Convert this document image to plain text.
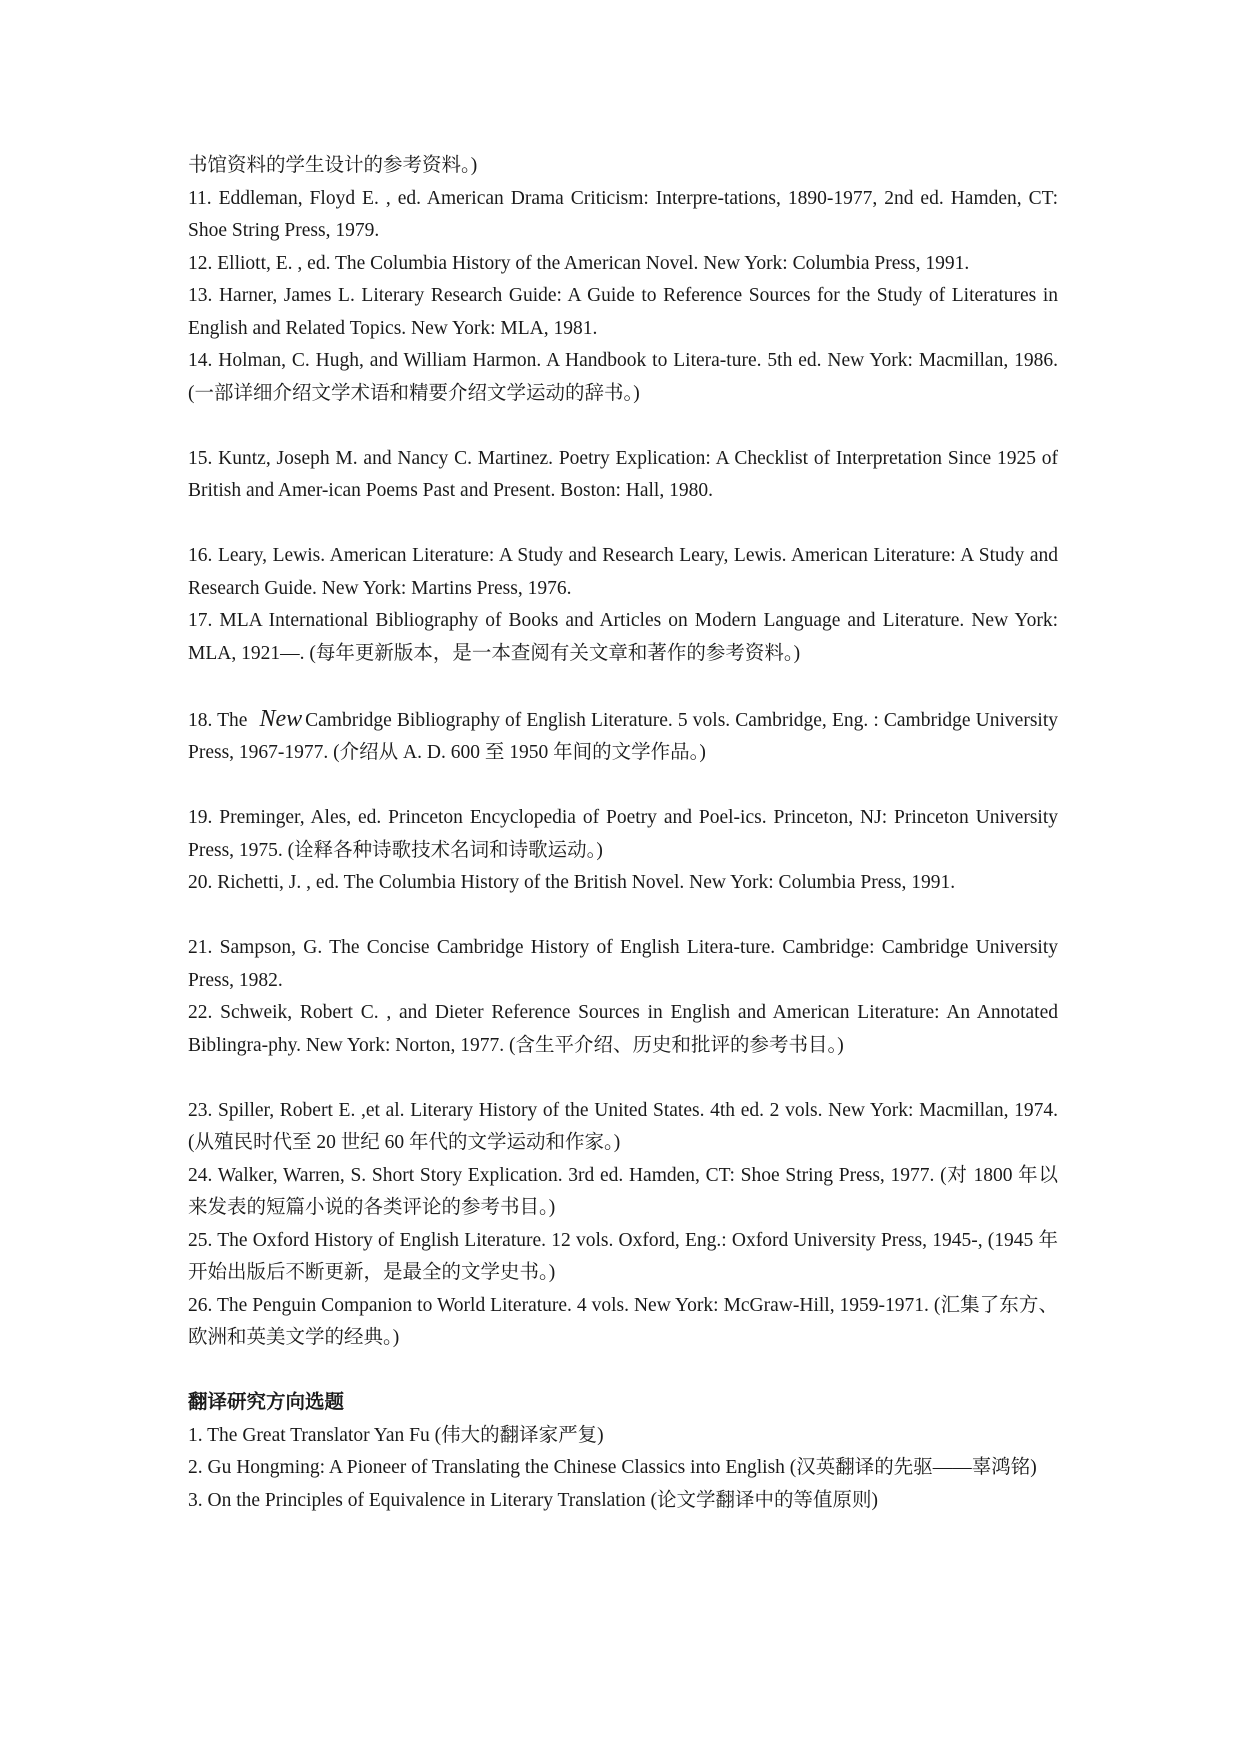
书馆资料的学生设计的参考资料。)

11. Eddleman, Floyd E. , ed. American Drama Criticism: Interpre-tations, 1890-1977, 2nd ed. Hamden, CT: Shoe String Press, 1979.

12. Elliott, E. , ed. The Columbia History of the American Novel. New York: Columbia Press, 1991.

13. Harner, James L. Literary Research Guide: A Guide to Reference Sources for the Study of Literatures in English and Related Topics. New York: MLA, 1981.

14. Holman, C. Hugh, and William Harmon. A Handbook to Litera-ture. 5th ed. New York: Macmillan, 1986. (一部详细介绍文学术语和精要介绍文学运动的辞书。)

15. Kuntz, Joseph M. and Nancy C. Martinez. Poetry Explication: A Checklist of Interpretation Since 1925 of British and Amer-ican Poems Past and Present. Boston: Hall, 1980.

16. Leary, Lewis. American Literature: A Study and Research Leary, Lewis. American Literature: A Study and Research Guide. New York: Martins Press, 1976.

17. MLA International Bibliography of Books and Articles on Modern Language and Literature. New York: MLA, 1921—. (每年更新版本，是一本查阅有关文章和著作的参考资料。)

18. The New Cambridge Bibliography of English Literature. 5 vols. Cambridge, Eng. : Cambridge University Press, 1967-1977. (介绍从 A. D. 600 至 1950 年间的文学作品。)

19. Preminger, Ales, ed. Princeton Encyclopedia of Poetry and Poel-ics. Princeton, NJ: Princeton University Press, 1975. (诠释各种诗歌技术名词和诗歌运动。)

20. Richetti, J. , ed. The Columbia History of the British Novel. New York: Columbia Press, 1991.

21. Sampson, G. The Concise Cambridge History of English Litera-ture. Cambridge: Cambridge University Press, 1982.

22. Schweik, Robert C. , and Dieter Reference Sources in English and American Literature: An Annotated Biblingra-phy. New York: Norton, 1977. (含生平介绍、历史和批评的参考书目。)

23. Spiller, Robert E. ,et al. Literary History of the United States. 4th ed. 2 vols. New York: Macmillan, 1974. (从殖民时代至 20 世纪 60 年代的文学运动和作家。)

24. Walker, Warren, S. Short Story Explication. 3rd ed. Hamden, CT: Shoe String Press, 1977. (对 1800 年以来发表的短篇小说的各类评论的参考书目。)

25. The Oxford History of English Literature. 12 vols. Oxford, Eng.: Oxford University Press, 1945-, (1945 年开始出版后不断更新，是最全的文学史书。)

26. The Penguin Companion to World Literature. 4 vols. New York: McGraw-Hill, 1959-1971. (汇集了东方、欧洲和英美文学的经典。)

翻译研究方向选题

1. The Great Translator Yan Fu (伟大的翻译家严复)

2. Gu Hongming: A Pioneer of Translating the Chinese Classics into English (汉英翻译的先驱——辜鸿铭)

3. On the Principles of Equivalence in Literary Translation (论文学翻译中的等值原则)
